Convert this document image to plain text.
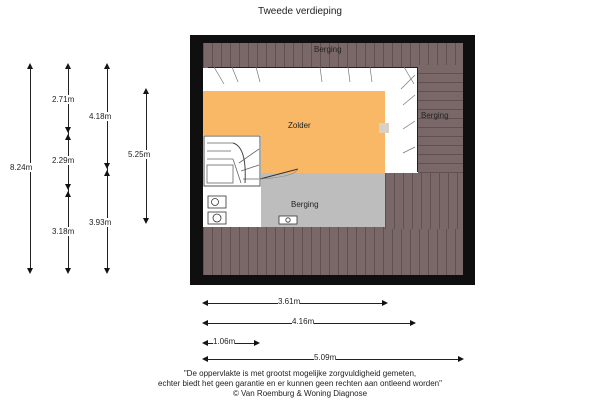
Tweede verdieping
Berging
Berging
Zolder
Berging
8.24m
2.71m
2.29m
3.18m
4.18m
3.93m
5.25m
3.61m
4.16m
1.06m
5.09m
"De oppervlakte is met grootst mogelijke zorgvuldigheid gemeten,
echter biedt het geen garantie en er kunnen geen rechten aan ontleend worden"
© Van Roemburg & Woning Diagnose
